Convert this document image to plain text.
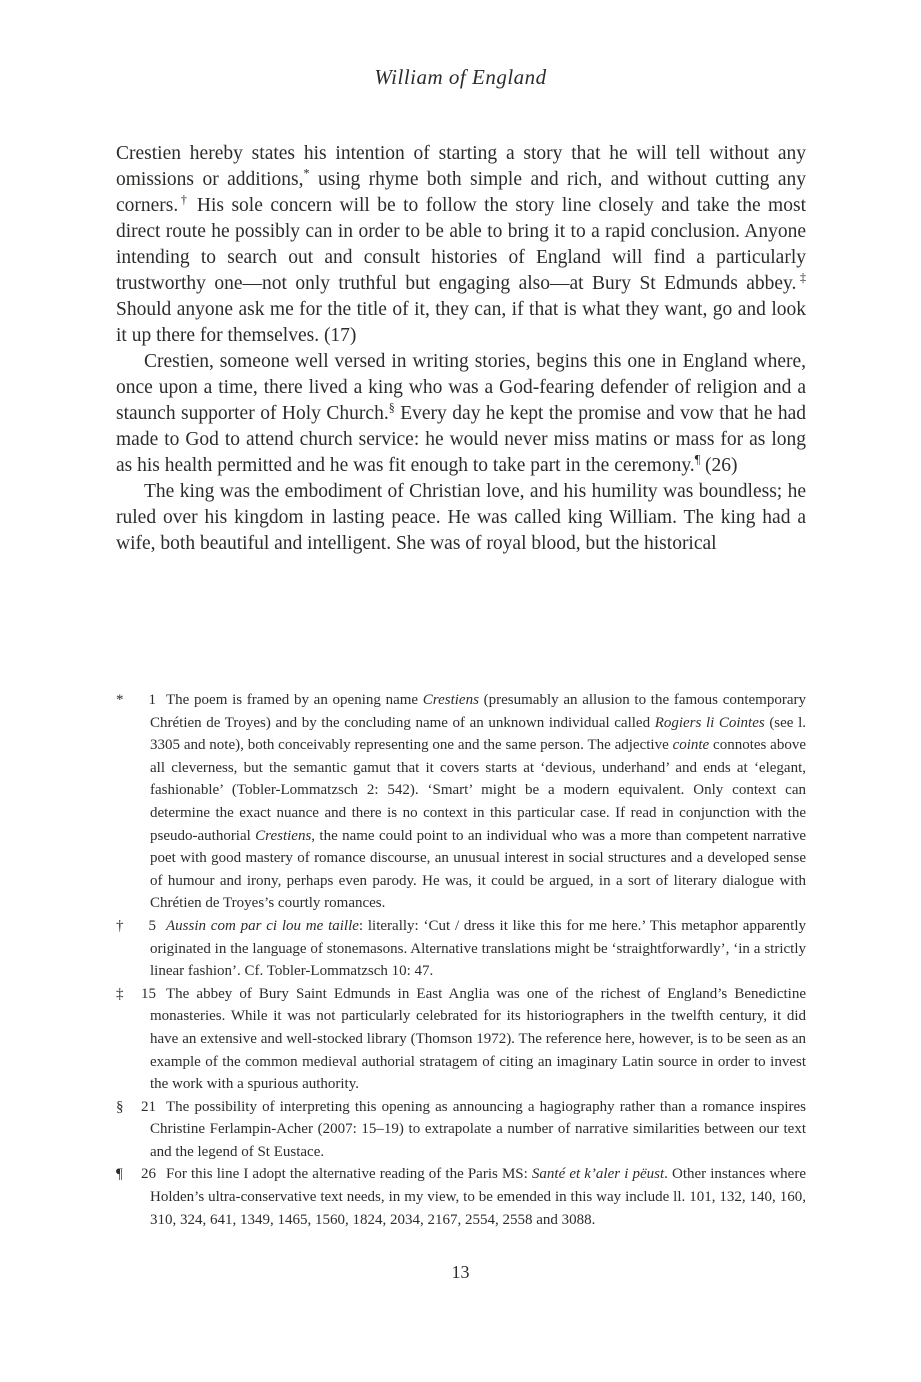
William of England

Crestien hereby states his intention of starting a story that he will tell without any omissions or additions,* using rhyme both simple and rich, and without cutting any corners.† His sole concern will be to follow the story line closely and take the most direct route he possibly can in order to be able to bring it to a rapid conclusion. Anyone intending to search out and consult histories of England will find a particularly trustworthy one—not only truthful but engaging also—at Bury St Edmunds abbey.‡ Should anyone ask me for the title of it, they can, if that is what they want, go and look it up there for themselves. (17)

Crestien, someone well versed in writing stories, begins this one in England where, once upon a time, there lived a king who was a God-fearing defender of religion and a staunch supporter of Holy Church.§ Every day he kept the promise and vow that he had made to God to attend church service: he would never miss matins or mass for as long as his health permitted and he was fit enough to take part in the ceremony.¶ (26)

The king was the embodiment of Christian love, and his humility was boundless; he ruled over his kingdom in lasting peace. He was called king William. The king had a wife, both beautiful and intelligent. She was of royal blood, but the historical

*	1 The poem is framed by an opening name Crestiens (presumably an allusion to the famous contemporary Chrétien de Troyes) and by the concluding name of an unknown individual called Rogiers li Cointes (see l. 3305 and note), both conceivably representing one and the same person. The adjective cointe connotes above all cleverness, but the semantic gamut that it covers starts at ‘devious, underhand’ and ends at ‘elegant, fashionable’ (Tobler-Lommatzsch 2: 542). ‘Smart’ might be a modern equivalent. Only context can determine the exact nuance and there is no context in this particular case. If read in conjunction with the pseudo-authorial Crestiens, the name could point to an individual who was a more than competent narrative poet with good mastery of romance discourse, an unusual interest in social structures and a developed sense of humour and irony, perhaps even parody. He was, it could be argued, in a sort of literary dialogue with Chrétien de Troyes’s courtly romances.
†	5 Aussin com par ci lou me taille: literally: ‘Cut / dress it like this for me here.’ This metaphor apparently originated in the language of stonemasons. Alternative translations might be ‘straightforwardly’, ‘in a strictly linear fashion’. Cf. Tobler-Lommatzsch 10: 47.
‡	15 The abbey of Bury Saint Edmunds in East Anglia was one of the richest of England’s Benedictine monasteries. While it was not particularly celebrated for its historiographers in the twelfth century, it did have an extensive and well-stocked library (Thomson 1972). The reference here, however, is to be seen as an example of the common medieval authorial stratagem of citing an imaginary Latin source in order to invest the work with a spurious authority.
§	21 The possibility of interpreting this opening as announcing a hagiography rather than a romance inspires Christine Ferlampin-Acher (2007: 15–19) to extrapolate a number of narrative similarities between our text and the legend of St Eustace.
¶	26 For this line I adopt the alternative reading of the Paris MS: Santé et k’aler i pëust. Other instances where Holden’s ultra-conservative text needs, in my view, to be emended in this way include ll. 101, 132, 140, 160, 310, 324, 641, 1349, 1465, 1560, 1824, 2034, 2167, 2554, 2558 and 3088.
13
